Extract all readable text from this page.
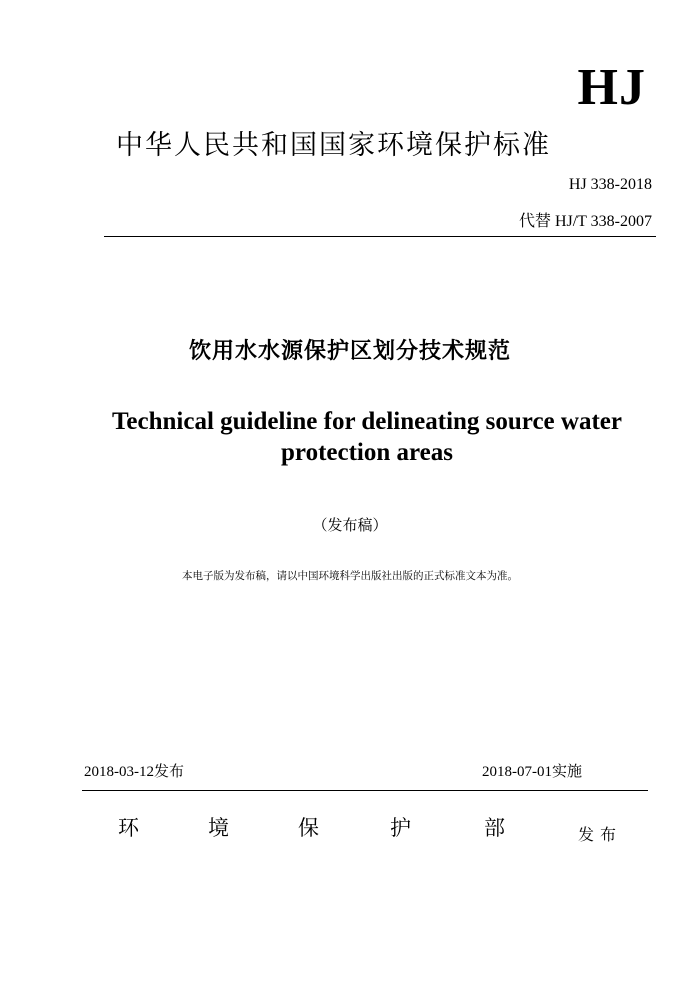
HJ
中华人民共和国国家环境保护标准
HJ 338-2018
代替 HJ/T 338-2007
饮用水水源保护区划分技术规范
Technical guideline for delineating source water protection areas
（发布稿）
本电子版为发布稿，请以中国环境科学出版社出版的正式标准文本为准。
2018-03-12发布	2018-07-01实施
环	境	保	护	部	发布
